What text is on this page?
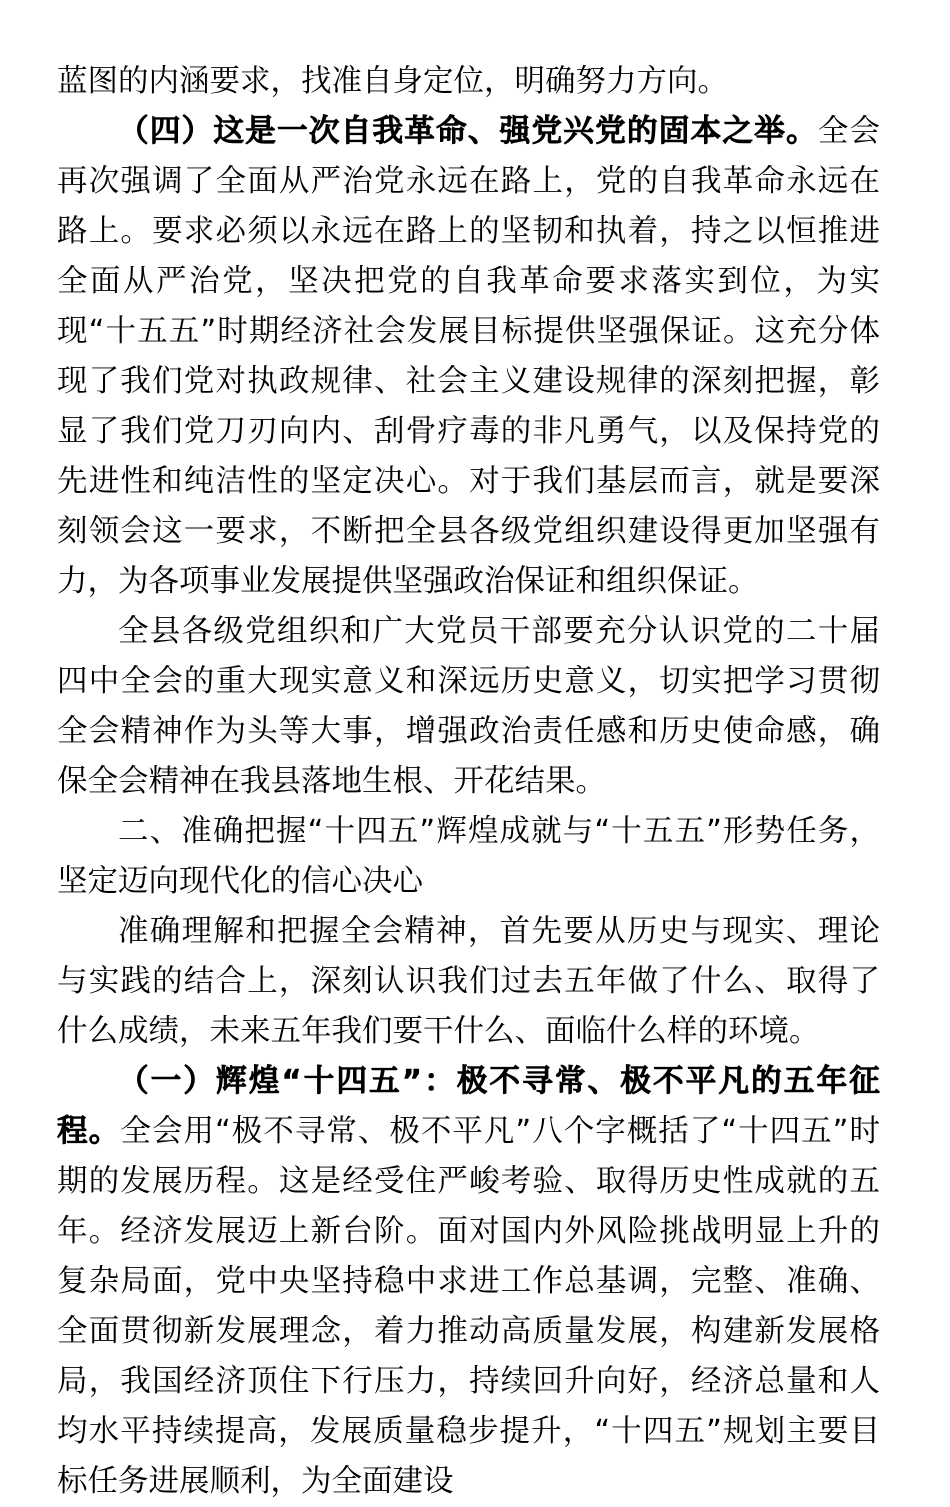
蓝图的内涵要求，找准自身定位，明确努力方向。

（四）这是一次自我革命、强党兴党的固本之举。全会再次强调了全面从严治党永远在路上，党的自我革命永远在路上。要求必须以永远在路上的坚韧和执着，持之以恒推进全面从严治党，坚决把党的自我革命要求落实到位，为实现“十五五”时期经济社会发展目标提供坚强保证。这充分体现了我们党对执政规律、社会主义建设规律的深刻把握，彰显了我们党刀刃向内、刮骨疗毒的非凡勇气，以及保持党的先进性和纯洁性的坚定决心。对于我们基层而言，就是要深刻领会这一要求，不断把全县各级党组织建设得更加坚强有力，为各项事业发展提供坚强政治保证和组织保证。

全县各级党组织和广大党员干部要充分认识党的二十届四中全会的重大现实意义和深远历史意义，切实把学习贯彻全会精神作为头等大事，增强政治责任感和历史使命感，确保全会精神在我县落地生根、开花结果。

二、准确把握“十四五”辉煌成就与“十五五”形势任务，坚定迈向现代化的信心决心

准确理解和把握全会精神，首先要从历史与现实、理论与实践的结合上，深刻认识我们过去五年做了什么、取得了什么成绩，未来五年我们要干什么、面临什么样的环境。

（一）辉煌“十四五”：极不寻常、极不平凡的五年征程。全会用“极不寻常、极不平凡”八个字概括了“十四五”时期的发展历程。这是经受住严峻考验、取得历史性成就的五年。经济发展迈上新台阶。面对国内外风险挑战明显上升的复杂局面，党中央坚持稳中求进工作总基调，完整、准确、全面贯彻新发展理念，着力推动高质量发展，构建新发展格局，我国经济顶住下行压力，持续回升向好，经济总量和人均水平持续提高，发展质量稳步提升，“十四五”规划主要目标任务进展顺利，为全面建设
